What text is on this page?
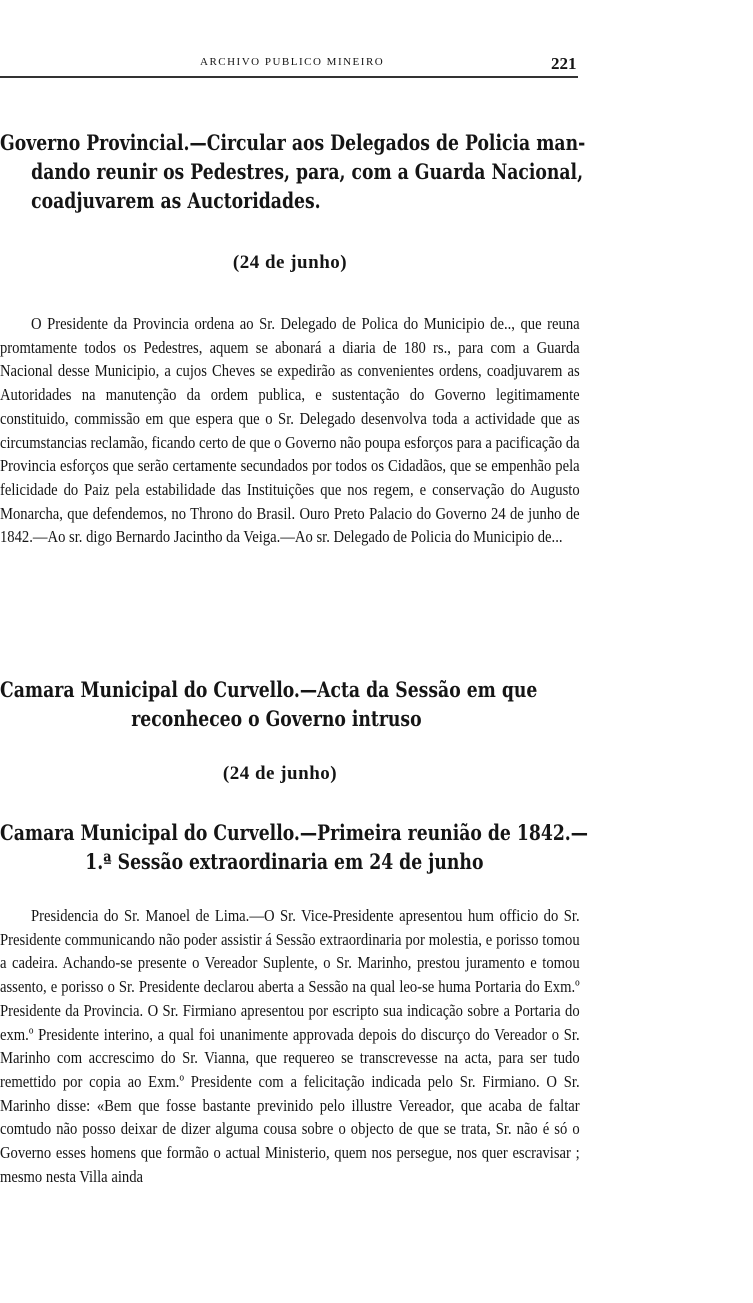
ARCHIVO PUBLICO MINEIRO	221
Governo Provincial.—Circular aos Delegados de Policia man-
dando reunir os Pedestres, para, com a Guarda Nacional,
coadjuvarem as Auctoridades.
(24 de junho)
O Presidente da Provincia ordena ao Sr. Delegado de Polica do Municipio de.., que reuna promtamente todos os Pedestres, aquem se abonará a diaria de 180 rs., para com a Guarda Nacional desse Municipio, a cujos Cheves se expedirão as convenientes ordens, coadjuvarem as Autoridades na manutenção da ordem publica, e sustentação do Governo legitimamente constituido, commissão em que espera que o Sr. Delegado desenvolva toda a actividade que as circumstancias reclamão, ficando certo de que o Governo não poupa esforços para a pacificação da Provincia esforços que serão certamente secundados por todos os Cidadãos, que se empenhão pela felicidade do Paiz pela estabilidade das Instituições que nos regem, e conservação do Augusto Monarcha, que defendemos, no Throno do Brasil. Ouro Preto Palacio do Governo 24 de junho de 1842.—Ao sr. digo Bernardo Jacintho da Veiga.—Ao sr. Delegado de Policia do Municipio de...
Camara Municipal do Curvello.—Acta da Sessão em que
reconheceo o Governo intruso
(24 de junho)
Camara Municipal do Curvello.—Primeira reunião de 1842.—
1.ª Sessão extraordinaria em 24 de junho
Presidencia do Sr. Manoel de Lima.—O Sr. Vice-Presidente apresentou hum officio do Sr. Presidente communicando não poder assistir á Sessão extraordinaria por molestia, e porisso tomou a cadeira. Achando-se presente o Vereador Suplente, o Sr. Marinho, prestou juramento e tomou assento, e porisso o Sr. Presidente declarou aberta a Sessão na qual leo-se huma Portaria do Exm.º Presidente da Provincia. O Sr. Firmiano apresentou por escripto sua indicação sobre a Portaria do exm.º Presidente interino, a qual foi unanimente approvada depois do discurço do Vereador o Sr. Marinho com accrescimo do Sr. Vianna, que requereo se transcrevesse na acta, para ser tudo remettido por copia ao Exm.º Presidente com a felicitação indicada pelo Sr. Firmiano. O Sr. Marinho disse: «Bem que fosse bastante previnido pelo illustre Vereador, que acaba de faltar comtudo não posso deixar de dizer alguma cousa sobre o objecto de que se trata, Sr. não é só o Governo esses homens que formão o actual Ministerio, quem nos persegue, nos quer escravisar ; mesmo nesta Villa ainda
